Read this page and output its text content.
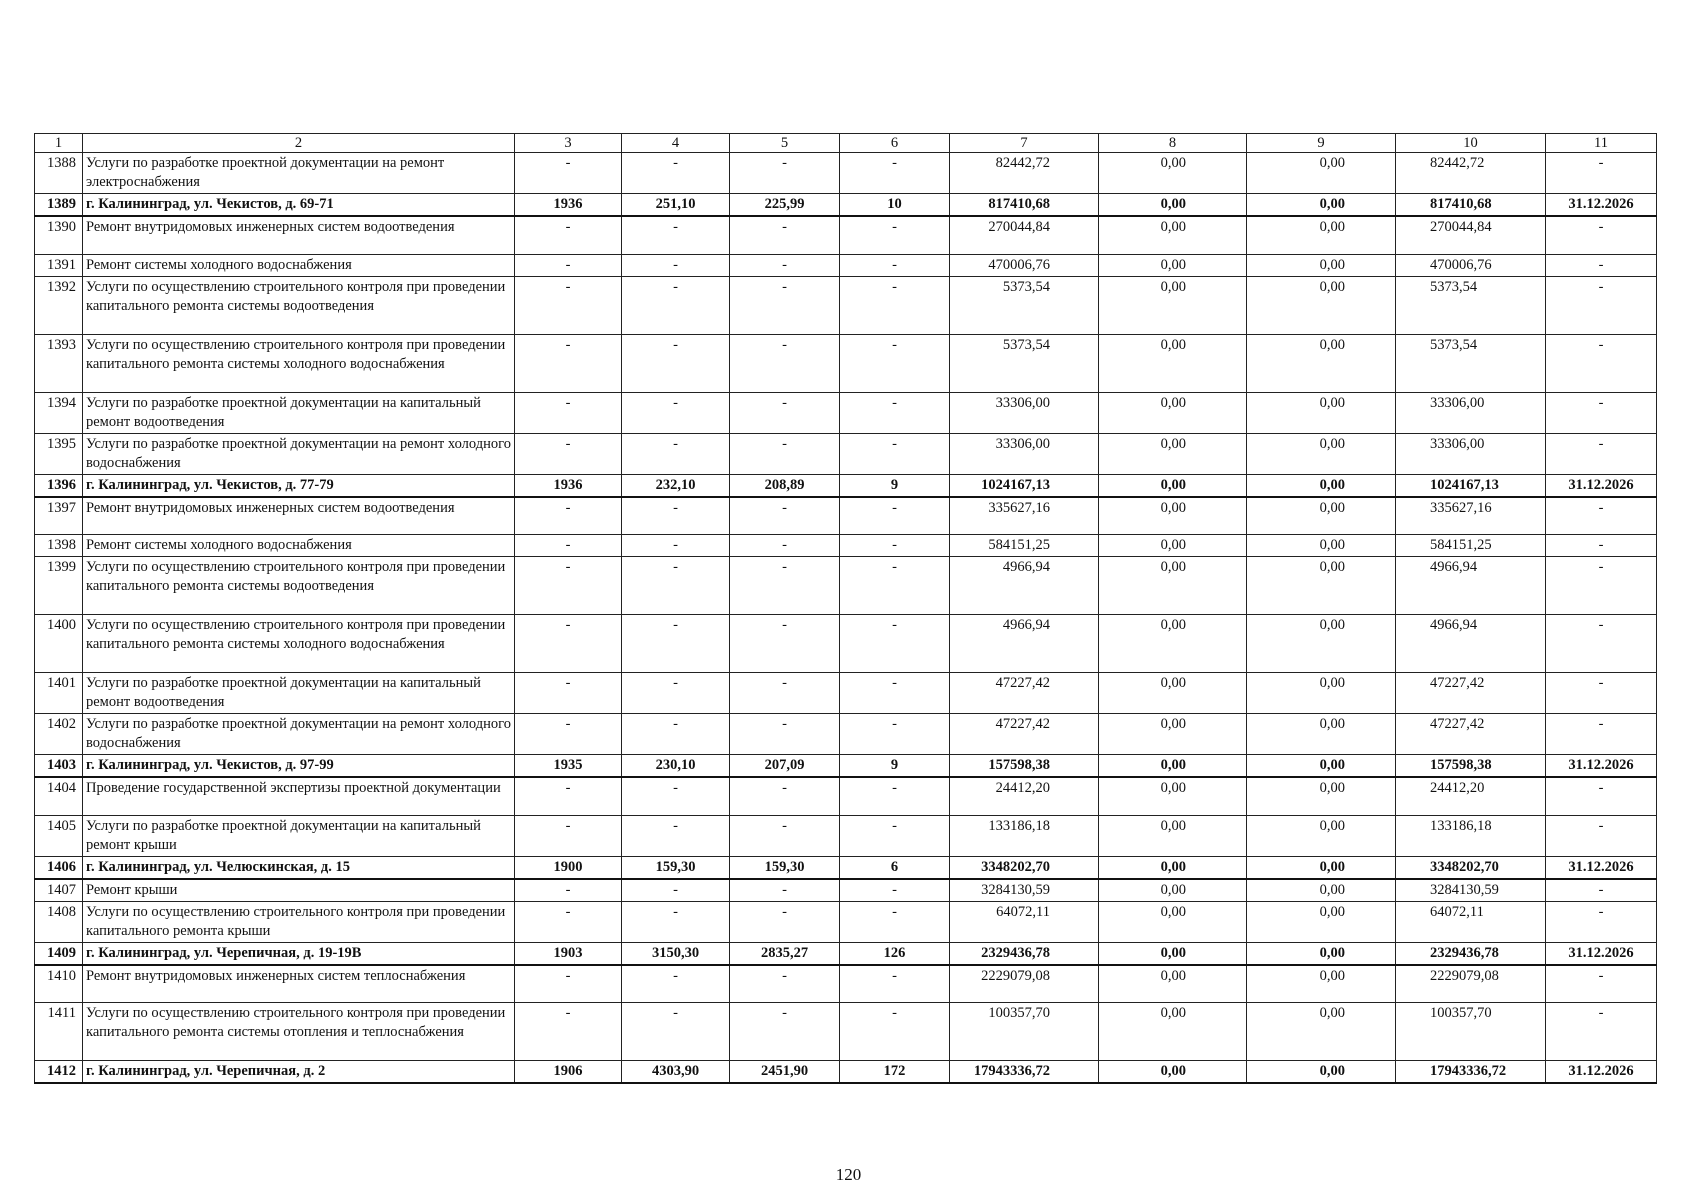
1	2	3	4	5	6	7	8	9	10	11
1388	Услуги по разработке проектной документации на ремонт электроснабжения	-	-	-	-	82442,72	0,00	0,00	82442,72	-
1389	г. Калининград, ул. Чекистов, д. 69-71	1936	251,10	225,99	10	817410,68	0,00	0,00	817410,68	31.12.2026
1390	Ремонт внутридомовых инженерных систем водоотведения	-	-	-	-	270044,84	0,00	0,00	270044,84	-
1391	Ремонт системы холодного водоснабжения	-	-	-	-	470006,76	0,00	0,00	470006,76	-
1392	Услуги по осуществлению строительного контроля при проведении капитального ремонта системы водоотведения	-	-	-	-	5373,54	0,00	0,00	5373,54	-
1393	Услуги по осуществлению строительного контроля при проведении капитального ремонта системы холодного водоснабжения	-	-	-	-	5373,54	0,00	0,00	5373,54	-
1394	Услуги по разработке проектной документации на капитальный ремонт водоотведения	-	-	-	-	33306,00	0,00	0,00	33306,00	-
1395	Услуги по разработке проектной документации на ремонт холодного водоснабжения	-	-	-	-	33306,00	0,00	0,00	33306,00	-
1396	г. Калининград, ул. Чекистов, д. 77-79	1936	232,10	208,89	9	1024167,13	0,00	0,00	1024167,13	31.12.2026
1397	Ремонт внутридомовых инженерных систем водоотведения	-	-	-	-	335627,16	0,00	0,00	335627,16	-
1398	Ремонт системы холодного водоснабжения	-	-	-	-	584151,25	0,00	0,00	584151,25	-
1399	Услуги по осуществлению строительного контроля при проведении капитального ремонта системы водоотведения	-	-	-	-	4966,94	0,00	0,00	4966,94	-
1400	Услуги по осуществлению строительного контроля при проведении капитального ремонта системы холодного водоснабжения	-	-	-	-	4966,94	0,00	0,00	4966,94	-
1401	Услуги по разработке проектной документации на капитальный ремонт водоотведения	-	-	-	-	47227,42	0,00	0,00	47227,42	-
1402	Услуги по разработке проектной документации на ремонт холодного водоснабжения	-	-	-	-	47227,42	0,00	0,00	47227,42	-
1403	г. Калининград, ул. Чекистов, д. 97-99	1935	230,10	207,09	9	157598,38	0,00	0,00	157598,38	31.12.2026
1404	Проведение государственной экспертизы проектной документации	-	-	-	-	24412,20	0,00	0,00	24412,20	-
1405	Услуги по разработке проектной документации на капитальный ремонт крыши	-	-	-	-	133186,18	0,00	0,00	133186,18	-
1406	г. Калининград, ул. Челюскинская, д. 15	1900	159,30	159,30	6	3348202,70	0,00	0,00	3348202,70	31.12.2026
1407	Ремонт крыши	-	-	-	-	3284130,59	0,00	0,00	3284130,59	-
1408	Услуги по осуществлению строительного контроля при проведении капитального ремонта крыши	-	-	-	-	64072,11	0,00	0,00	64072,11	-
1409	г. Калининград, ул. Черепичная, д. 19-19В	1903	3150,30	2835,27	126	2329436,78	0,00	0,00	2329436,78	31.12.2026
1410	Ремонт внутридомовых инженерных систем теплоснабжения	-	-	-	-	2229079,08	0,00	0,00	2229079,08	-
1411	Услуги по осуществлению строительного контроля при проведении капитального ремонта системы отопления и теплоснабжения	-	-	-	-	100357,70	0,00	0,00	100357,70	-
1412	г. Калининград, ул. Черепичная, д. 2	1906	4303,90	2451,90	172	17943336,72	0,00	0,00	17943336,72	31.12.2026
120
